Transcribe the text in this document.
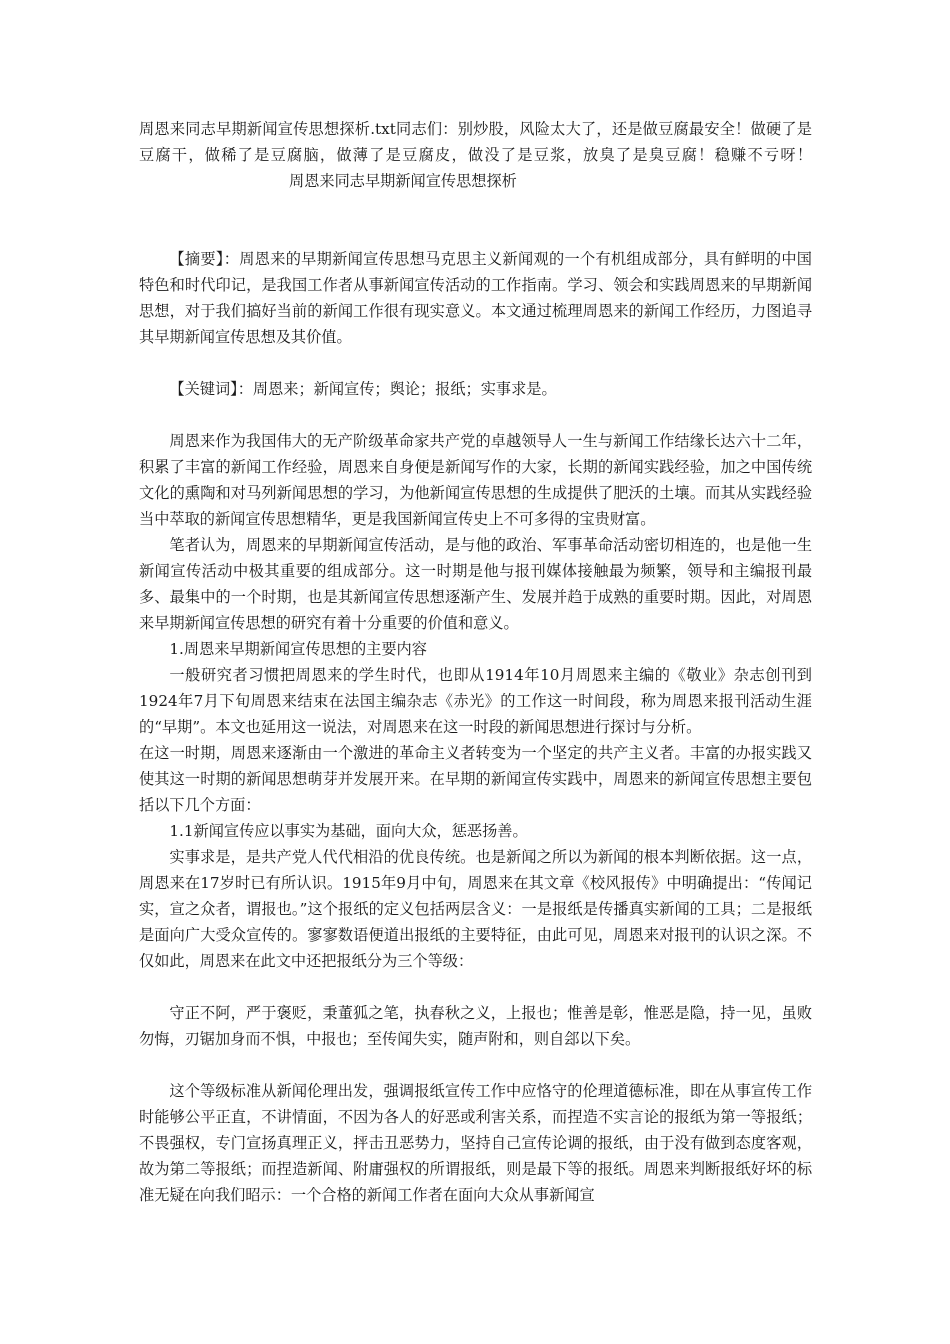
周恩来同志早期新闻宣传思想探析.txt同志们：别炒股，风险太大了，还是做豆腐最安全！做硬了是豆腐干，做稀了是豆腐脑，做薄了是豆腐皮，做没了是豆浆，放臭了是臭豆腐！稳赚不亏呀！周恩来同志早期新闻宣传思想探析

【摘要】：周恩来的早期新闻宣传思想马克思主义新闻观的一个有机组成部分，具有鲜明的中国特色和时代印记，是我国工作者从事新闻宣传活动的工作指南。学习、领会和实践周恩来的早期新闻思想，对于我们搞好当前的新闻工作很有现实意义。本文通过梳理周恩来的新闻工作经历，力图追寻其早期新闻宣传思想及其价值。

【关键词】：周恩来；新闻宣传；舆论；报纸；实事求是。

周恩来作为我国伟大的无产阶级革命家共产党的卓越领导人一生与新闻工作结缘长达六十二年，积累了丰富的新闻工作经验，周恩来自身便是新闻写作的大家，长期的新闻实践经验，加之中国传统文化的熏陶和对马列新闻思想的学习，为他新闻宣传思想的生成提供了肥沃的土壤。而其从实践经验当中萃取的新闻宣传思想精华，更是我国新闻宣传史上不可多得的宝贵财富。

笔者认为，周恩来的早期新闻宣传活动，是与他的政治、军事革命活动密切相连的，也是他一生新闻宣传活动中极其重要的组成部分。这一时期是他与报刊媒体接触最为频繁，领导和主编报刊最多、最集中的一个时期，也是其新闻宣传思想逐渐产生、发展并趋于成熟的重要时期。因此，对周恩来早期新闻宣传思想的研究有着十分重要的价值和意义。

1.周恩来早期新闻宣传思想的主要内容

一般研究者习惯把周恩来的学生时代，也即从1914年10月周恩来主编的《敬业》杂志创刊到1924年7月下旬周恩来结束在法国主编杂志《赤光》的工作这一时间段，称为周恩来报刊活动生涯的“早期”。本文也延用这一说法，对周恩来在这一时段的新闻思想进行探讨与分析。

在这一时期，周恩来逐渐由一个激进的革命主义者转变为一个坚定的共产主义者。丰富的办报实践又使其这一时期的新闻思想萌芽并发展开来。在早期的新闻宣传实践中，周恩来的新闻宣传思想主要包括以下几个方面：

1.1新闻宣传应以事实为基础，面向大众，惩恶扬善。

实事求是，是共产党人代代相沿的优良传统。也是新闻之所以为新闻的根本判断依据。这一点，周恩来在17岁时已有所认识。1915年9月中旬，周恩来在其文章《校风报传》中明确提出：“传闻记实，宣之众者，谓报也。”这个报纸的定义包括两层含义：一是报纸是传播真实新闻的工具；二是报纸是面向广大受众宣传的。寥寥数语便道出报纸的主要特征，由此可见，周恩来对报刊的认识之深。不仅如此，周恩来在此文中还把报纸分为三个等级：

守正不阿，严于褒贬，秉董狐之笔，执春秋之义，上报也；惟善是彰，惟恶是隐，持一见，虽败勿悔，刃锯加身而不惧，中报也；至传闻失实，随声附和，则自郐以下矣。

这个等级标准从新闻伦理出发，强调报纸宣传工作中应恪守的伦理道德标准，即在从事宣传工作时能够公平正直，不讲情面，不因为各人的好恶或利害关系，而捏造不实言论的报纸为第一等报纸；不畏强权，专门宣扬真理正义，抨击丑恶势力，坚持自己宣传论调的报纸，由于没有做到态度客观，故为第二等报纸；而捏造新闻、附庸强权的所谓报纸，则是最下等的报纸。周恩来判断报纸好坏的标准无疑在向我们昭示：一个合格的新闻工作者在面向大众从事新闻宣
